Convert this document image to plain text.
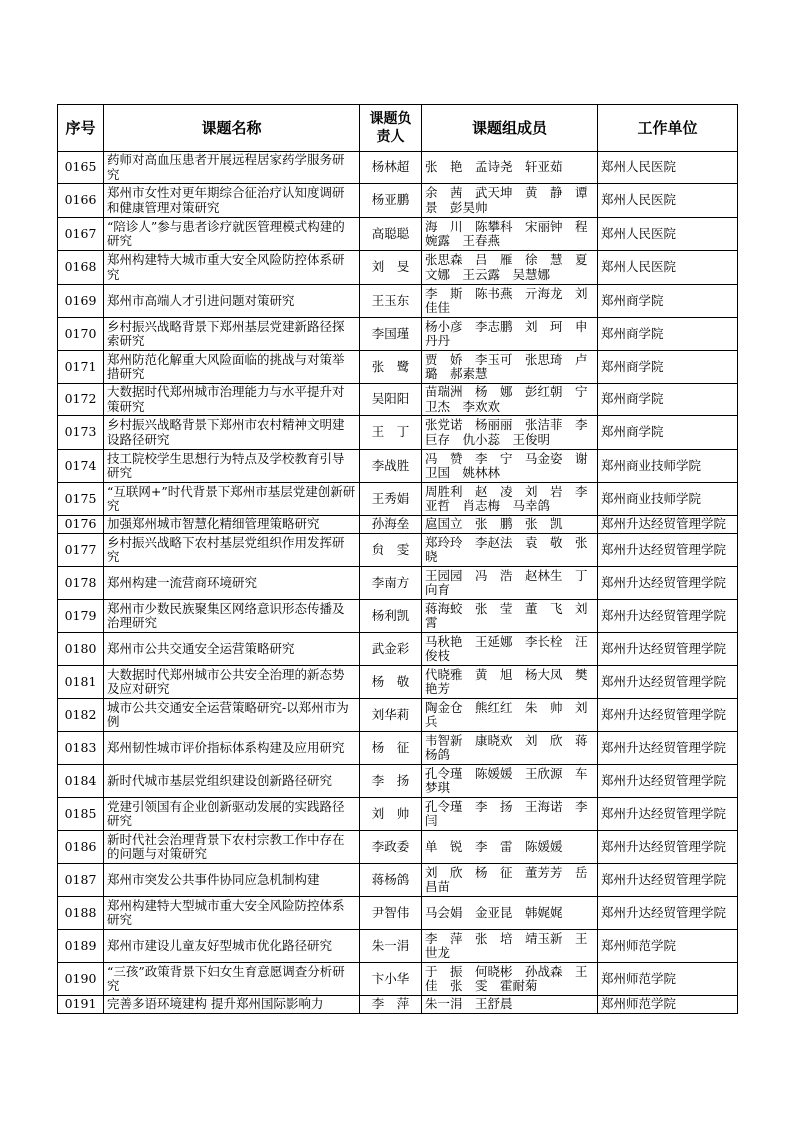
序号	课题名称	课题负责人	课题组成员	工作单位
0165	药师对高血压患者开展远程居家药学服务研究	杨林超	张　艳　孟诗尧　轩亚茹	郑州人民医院
0166	郑州市女性对更年期综合征治疗认知度调研和健康管理对策研究	杨亚鹏	余　茜　武天坤　黄　静　谭　景　彭昊帅	郑州人民医院
0167	“陪诊人”参与患者诊疗就医管理模式构建的研究	高聪聪	海　川　陈攀科　宋丽钟　程婉露　王春燕	郑州人民医院
0168	郑州构建特大城市重大安全风险防控体系研究	刘　旻	张思森　吕　雁　徐　慧　夏文娜　王云露　吴慧娜	郑州人民医院
0169	郑州市高端人才引进问题对策研究	王玉东	李　斯　陈书燕　亓海龙　刘佳佳	郑州商学院
0170	乡村振兴战略背景下郑州基层党建新路径探索研究	李国瑾	杨小彦　李志鹏　刘　珂　申丹丹	郑州商学院
0171	郑州防范化解重大风险面临的挑战与对策举措研究	张　鹭	贾　娇　李玉可　张思琦　卢　璐　郝素慧	郑州商学院
0172	大数据时代郑州城市治理能力与水平提升对策研究	吴阳阳	苗瑞洲　杨　娜　彭红朝　宁卫杰　李欢欢	郑州商学院
0173	乡村振兴战略背景下郑州市农村精神文明建设路径研究	王　丁	张党诺　杨丽丽　张洁菲　李巨存　仇小蕊　王俊明	郑州商学院
0174	技工院校学生思想行为特点及学校教育引导研究	李战胜	冯　赞　李　宁　马金姿　谢卫国　姚林林	郑州商业技师学院
0175	“互联网+”时代背景下郑州市基层党建创新研究	王秀娟	周胜利　赵　凌　刘　岩　李亚哲　肖志梅　马幸鸽	郑州商业技师学院
0176	加强郑州城市智慧化精细管理策略研究	孙海垒	扈国立　张　鹏　张　凯	郑州升达经贸管理学院
0177	乡村振兴战略下农村基层党组织作用发挥研究	贠　雯	郑玲玲　李赵法　袁　敬　张　晓	郑州升达经贸管理学院
0178	郑州构建一流营商环境研究	李南方	王园园　冯　浩　赵林生　丁向育	郑州升达经贸管理学院
0179	郑州市少数民族聚集区网络意识形态传播及治理研究	杨利凯	蒋海蛟　张　莹　董　飞　刘　霄	郑州升达经贸管理学院
0180	郑州市公共交通安全运营策略研究	武金彩	马秋艳　王延娜　李长栓　汪俊枝	郑州升达经贸管理学院
0181	大数据时代郑州城市公共安全治理的新态势及应对研究	杨　敬	代晓雅　黄　旭　杨大凤　樊艳芳	郑州升达经贸管理学院
0182	城市公共交通安全运营策略研究-以郑州市为例	刘华莉	陶金仓　熊红红　朱　帅　刘　兵	郑州升达经贸管理学院
0183	郑州韧性城市评价指标体系构建及应用研究	杨　征	韦智新　康晓欢　刘　欣　蒋杨鸽	郑州升达经贸管理学院
0184	新时代城市基层党组织建设创新路径研究	李　扬	孔令瑾　陈媛媛　王欣源　车梦琪	郑州升达经贸管理学院
0185	党建引领国有企业创新驱动发展的实践路径研究	刘　帅	孔令瑾　李　扬　王海诺　李　闫	郑州升达经贸管理学院
0186	新时代社会治理背景下农村宗教工作中存在的问题与对策研究	李政委	单　锐　李　雷　陈媛媛	郑州升达经贸管理学院
0187	郑州市突发公共事件协同应急机制构建	蒋杨鸽	刘　欣　杨　征　董芳芳　岳昌苗	郑州升达经贸管理学院
0188	郑州构建特大型城市重大安全风险防控体系研究	尹智伟	马会娟　金亚昆　韩娓娓	郑州升达经贸管理学院
0189	郑州市建设儿童友好型城市优化路径研究	朱一涓	李　萍　张　培　靖玉新　王世龙	郑州师范学院
0190	“三孩”政策背景下妇女生育意愿调查分析研究	卞小华	于　振　何晓彬　孙战森　王　佳　张　雯　霍耐菊	郑州师范学院
0191	完善多语环境建构 提升郑州国际影响力	李　萍	朱一涓　王舒晨	郑州师范学院
